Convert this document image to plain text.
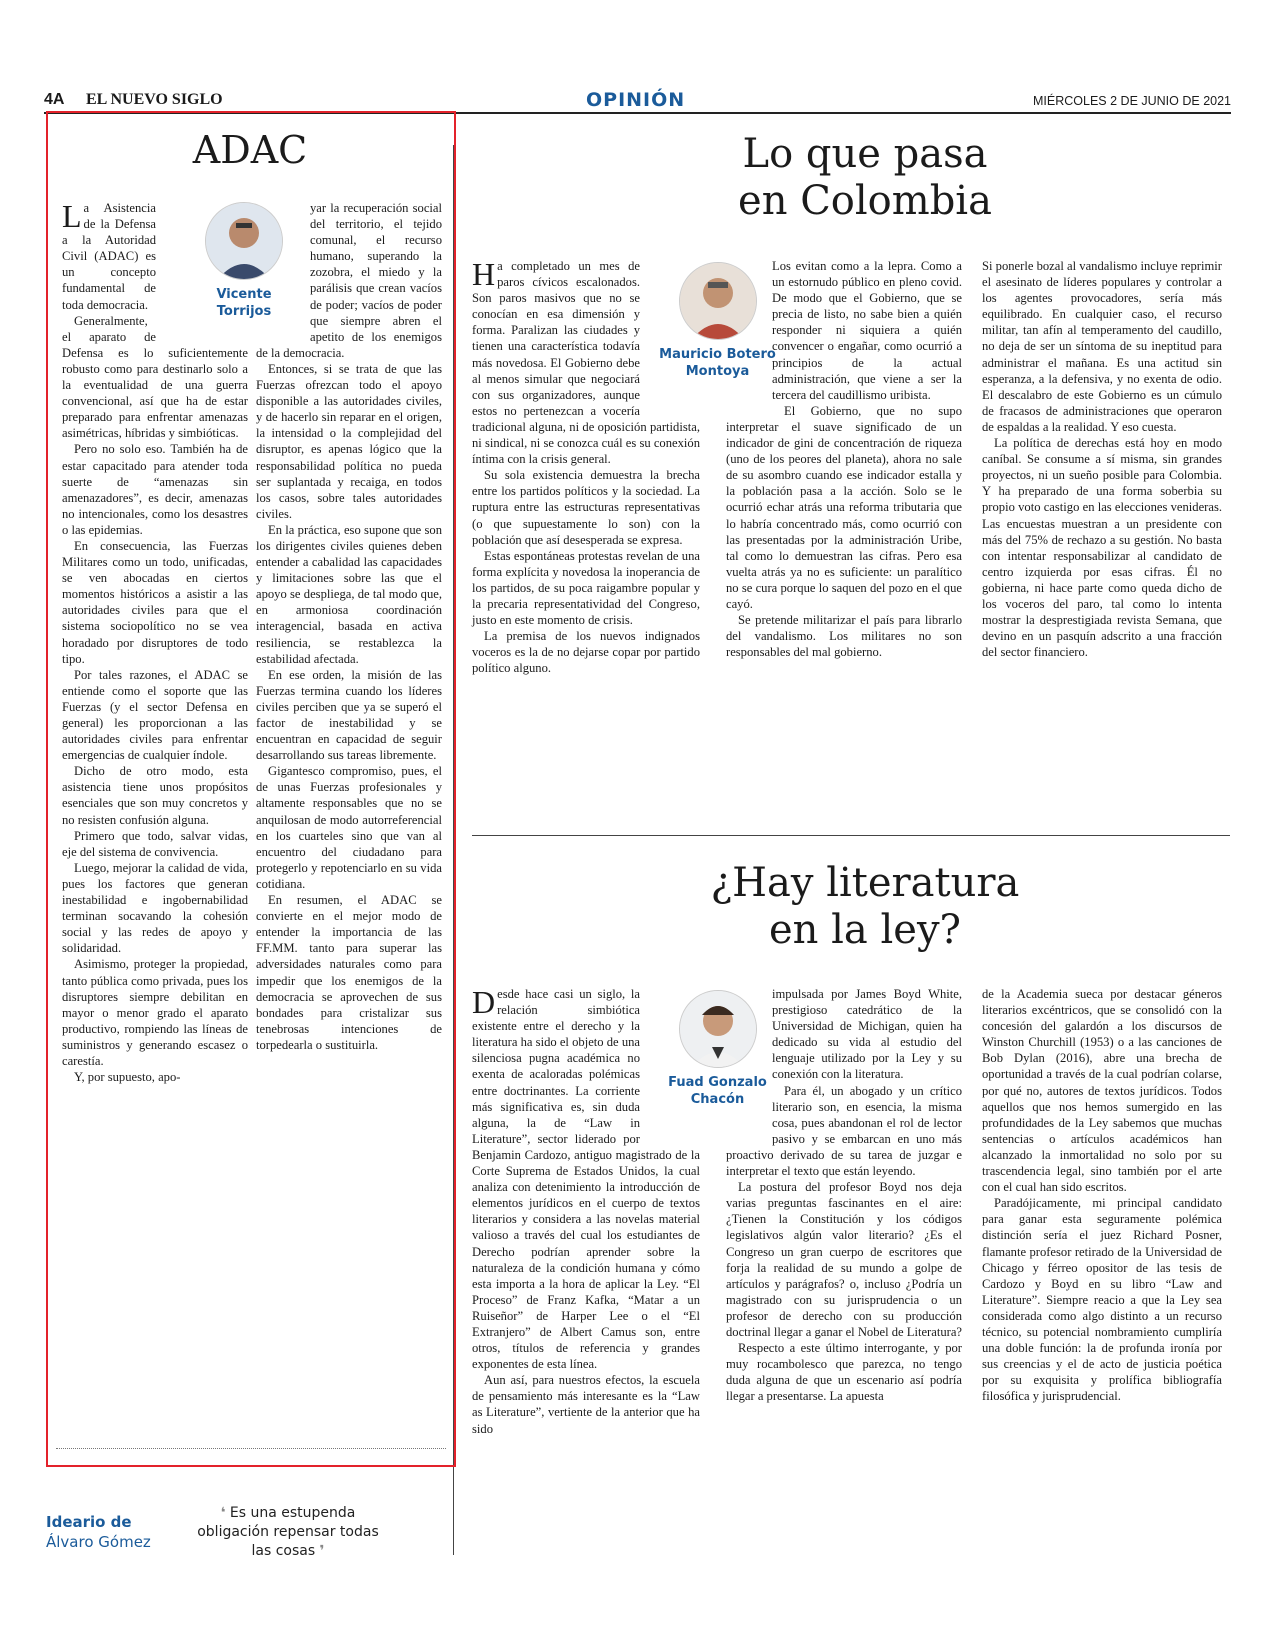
4A EL NUEVO SIGLO	OPINIÓN	MIÉRCOLES 2 DE JUNIO DE 2021
ADAC
Vicente Torrijos

La Asistencia de la Defensa a la Autoridad Civil (ADAC) es un concepto fundamental de toda democracia.

Generalmente, el aparato de Defensa es lo suficientemente robusto como para destinarlo solo a la eventualidad de una guerra convencional, así que ha de estar preparado para enfrentar amenazas asimétricas, híbridas y simbióticas.

Pero no solo eso. También ha de estar capacitado para atender toda suerte de “amenazas sin amenazadores”, es decir, amenazas no intencionales, como los desastres o las epidemias.

En consecuencia, las Fuerzas Militares como un todo, unificadas, se ven abocadas en ciertos momentos históricos a asistir a las autoridades civiles para que el sistema sociopolítico no se vea horadado por disruptores de todo tipo.

Por tales razones, el ADAC se entiende como el soporte que las Fuerzas (y el sector Defensa en general) les proporcionan a las autoridades civiles para enfrentar emergencias de cualquier índole.

Dicho de otro modo, esta asistencia tiene unos propósitos esenciales que son muy concretos y no resisten confusión alguna.

Primero que todo, salvar vidas, eje del sistema de convivencia.

Luego, mejorar la calidad de vida, pues los factores que generan inestabilidad e ingobernabilidad terminan socavando la cohesión social y las redes de apoyo y solidaridad.

Asimismo, proteger la propiedad, tanto pública como privada, pues los disruptores siempre debilitan en mayor o menor grado el aparato productivo, rompiendo las líneas de suministros y generando escasez o carestía.

Y, por supuesto, apo-

yar la recuperación social del territorio, el tejido comunal, el recurso humano, superando la zozobra, el miedo y la parálisis que crean vacíos de poder; vacíos de poder que siempre abren el apetito de los enemigos de la democracia.

Entonces, si se trata de que las Fuerzas ofrezcan todo el apoyo disponible a las autoridades civiles, y de hacerlo sin reparar en el origen, la intensidad o la complejidad del disruptor, es apenas lógico que la responsabilidad política no pueda ser suplantada y recaiga, en todos los casos, sobre tales autoridades civiles.

En la práctica, eso supone que son los dirigentes civiles quienes deben entender a cabalidad las capacidades y limitaciones sobre las que el apoyo se despliega, de tal modo que, en armoniosa coordinación interagencial, basada en activa resiliencia, se restablezca la estabilidad afectada.

En ese orden, la misión de las Fuerzas termina cuando los líderes civiles perciben que ya se superó el factor de inestabilidad y se encuentran en capacidad de seguir desarrollando sus tareas libremente.

Gigantesco compromiso, pues, el de unas Fuerzas profesionales y altamente responsables que no se anquilosan de modo autorreferencial en los cuarteles sino que van al encuentro del ciudadano para protegerlo y repotenciarlo en su vida cotidiana.

En resumen, el ADAC se convierte en el mejor modo de entender la importancia de las FF.MM. tanto para superar las adversidades naturales como para impedir que los enemigos de la democracia se aprovechen de sus bondades para cristalizar sus tenebrosas intenciones de torpedearla o sustituirla.

Lo que pasa
en Colombia
Mauricio Botero Montoya

Ha completado un mes de paros cívicos escalonados. Son paros masivos que no se conocían en esa dimensión y forma. Paralizan las ciudades y tienen una característica todavía más novedosa. El Gobierno debe al menos simular que negociará con sus organizadores, aunque estos no pertenezcan a vocería tradicional alguna, ni de oposición partidista, ni sindical, ni se conozca cuál es su conexión íntima con la crisis general.

Su sola existencia demuestra la brecha entre los partidos políticos y la sociedad. La ruptura entre las estructuras representativas (o que supuestamente lo son) con la población que así desesperada se expresa.

Estas espontáneas protestas revelan de una forma explícita y novedosa la inoperancia de los partidos, de su poca raigambre popular y la precaria representatividad del Congreso, justo en este momento de crisis.

La premisa de los nuevos indignados voceros es la de no dejarse copar por partido político alguno.

Los evitan como a la lepra. Como a un estornudo público en pleno covid. De modo que el Gobierno, que se precia de listo, no sabe bien a quién responder ni siquiera a quién convencer o engañar, como ocurrió a principios de la actual administración, que viene a ser la tercera del caudillismo uribista.

El Gobierno, que no supo interpretar el suave significado de un indicador de gini de concentración de riqueza (uno de los peores del planeta), ahora no sale de su asombro cuando ese indicador estalla y la población pasa a la acción. Solo se le ocurrió echar atrás una reforma tributaria que lo habría concentrado más, como ocurrió con las presentadas por la administración Uribe, tal como lo demuestran las cifras. Pero esa vuelta atrás ya no es suficiente: un paralítico no se cura porque lo saquen del pozo en el que cayó.

Se pretende militarizar el país para librarlo del vandalismo. Los militares no son responsables del mal gobierno.

Si ponerle bozal al vandalismo incluye reprimir el asesinato de líderes populares y controlar a los agentes provocadores, sería más equilibrado. En cualquier caso, el recurso militar, tan afín al temperamento del caudillo, no deja de ser un síntoma de su ineptitud para administrar el mañana. Es una actitud sin esperanza, a la defensiva, y no exenta de odio. El descalabro de este Gobierno es un cúmulo de fracasos de administraciones que operaron de espaldas a la realidad. Y eso cuesta.

La política de derechas está hoy en modo caníbal. Se consume a sí misma, sin grandes proyectos, ni un sueño posible para Colombia. Y ha preparado de una forma soberbia su propio voto castigo en las elecciones venideras. Las encuestas muestran a un presidente con más del 75% de rechazo a su gestión. No basta con intentar responsabilizar al candidato de centro izquierda por esas cifras. Él no gobierna, ni hace parte como queda dicho de los voceros del paro, tal como lo intenta mostrar la desprestigiada revista Semana, que devino en un pasquín adscrito a una fracción del sector financiero.

¿Hay literatura
en la ley?
Fuad Gonzalo Chacón

Desde hace casi un siglo, la relación simbiótica existente entre el derecho y la literatura ha sido el objeto de una silenciosa pugna académica no exenta de acaloradas polémicas entre doctrinantes. La corriente más significativa es, sin duda alguna, la de “Law in Literature”, sector liderado por Benjamin Cardozo, antiguo magistrado de la Corte Suprema de Estados Unidos, la cual analiza con detenimiento la introducción de elementos jurídicos en el cuerpo de textos literarios y considera a las novelas material valioso a través del cual los estudiantes de Derecho podrían aprender sobre la naturaleza de la condición humana y cómo esta importa a la hora de aplicar la Ley. “El Proceso” de Franz Kafka, “Matar a un Ruiseñor” de Harper Lee o el “El Extranjero” de Albert Camus son, entre otros, títulos de referencia y grandes exponentes de esta línea.

Aun así, para nuestros efectos, la escuela de pensamiento más interesante es la “Law as Literature”, vertiente de la anterior que ha sido

impulsada por James Boyd White, prestigioso catedrático de la Universidad de Michigan, quien ha dedicado su vida al estudio del lenguaje utilizado por la Ley y su conexión con la literatura.

Para él, un abogado y un crítico literario son, en esencia, la misma cosa, pues abandonan el rol de lector pasivo y se embarcan en uno más proactivo derivado de su tarea de juzgar e interpretar el texto que están leyendo.

La postura del profesor Boyd nos deja varias preguntas fascinantes en el aire: ¿Tienen la Constitución y los códigos legislativos algún valor literario? ¿Es el Congreso un gran cuerpo de escritores que forja la realidad de su mundo a golpe de artículos y parágrafos? o, incluso ¿Podría un magistrado con su jurisprudencia o un profesor de derecho con su producción doctrinal llegar a ganar el Nobel de Literatura?

Respecto a este último interrogante, y por muy rocambolesco que parezca, no tengo duda alguna de que un escenario así podría llegar a presentarse. La apuesta

de la Academia sueca por destacar géneros literarios excéntricos, que se consolidó con la concesión del galardón a los discursos de Winston Churchill (1953) o a las canciones de Bob Dylan (2016), abre una brecha de oportunidad a través de la cual podrían colarse, por qué no, autores de textos jurídicos. Todos aquellos que nos hemos sumergido en las profundidades de la Ley sabemos que muchas sentencias o artículos académicos han alcanzado la inmortalidad no solo por su trascendencia legal, sino también por el arte con el cual han sido escritos.

Paradójicamente, mi principal candidato para ganar esta seguramente polémica distinción sería el juez Richard Posner, flamante profesor retirado de la Universidad de Chicago y férreo opositor de las tesis de Cardozo y Boyd en su libro “Law and Literature”. Siempre reacio a que la Ley sea considerada como algo distinto a un recurso técnico, su potencial nombramiento cumpliría una doble función: la de profunda ironía por sus creencias y el de acto de justicia poética por su exquisita y prolífica bibliografía filosófica y jurisprudencial.

Ideario de
Álvaro Gómez
❛ Es una estupenda obligación repensar todas las cosas ❜
